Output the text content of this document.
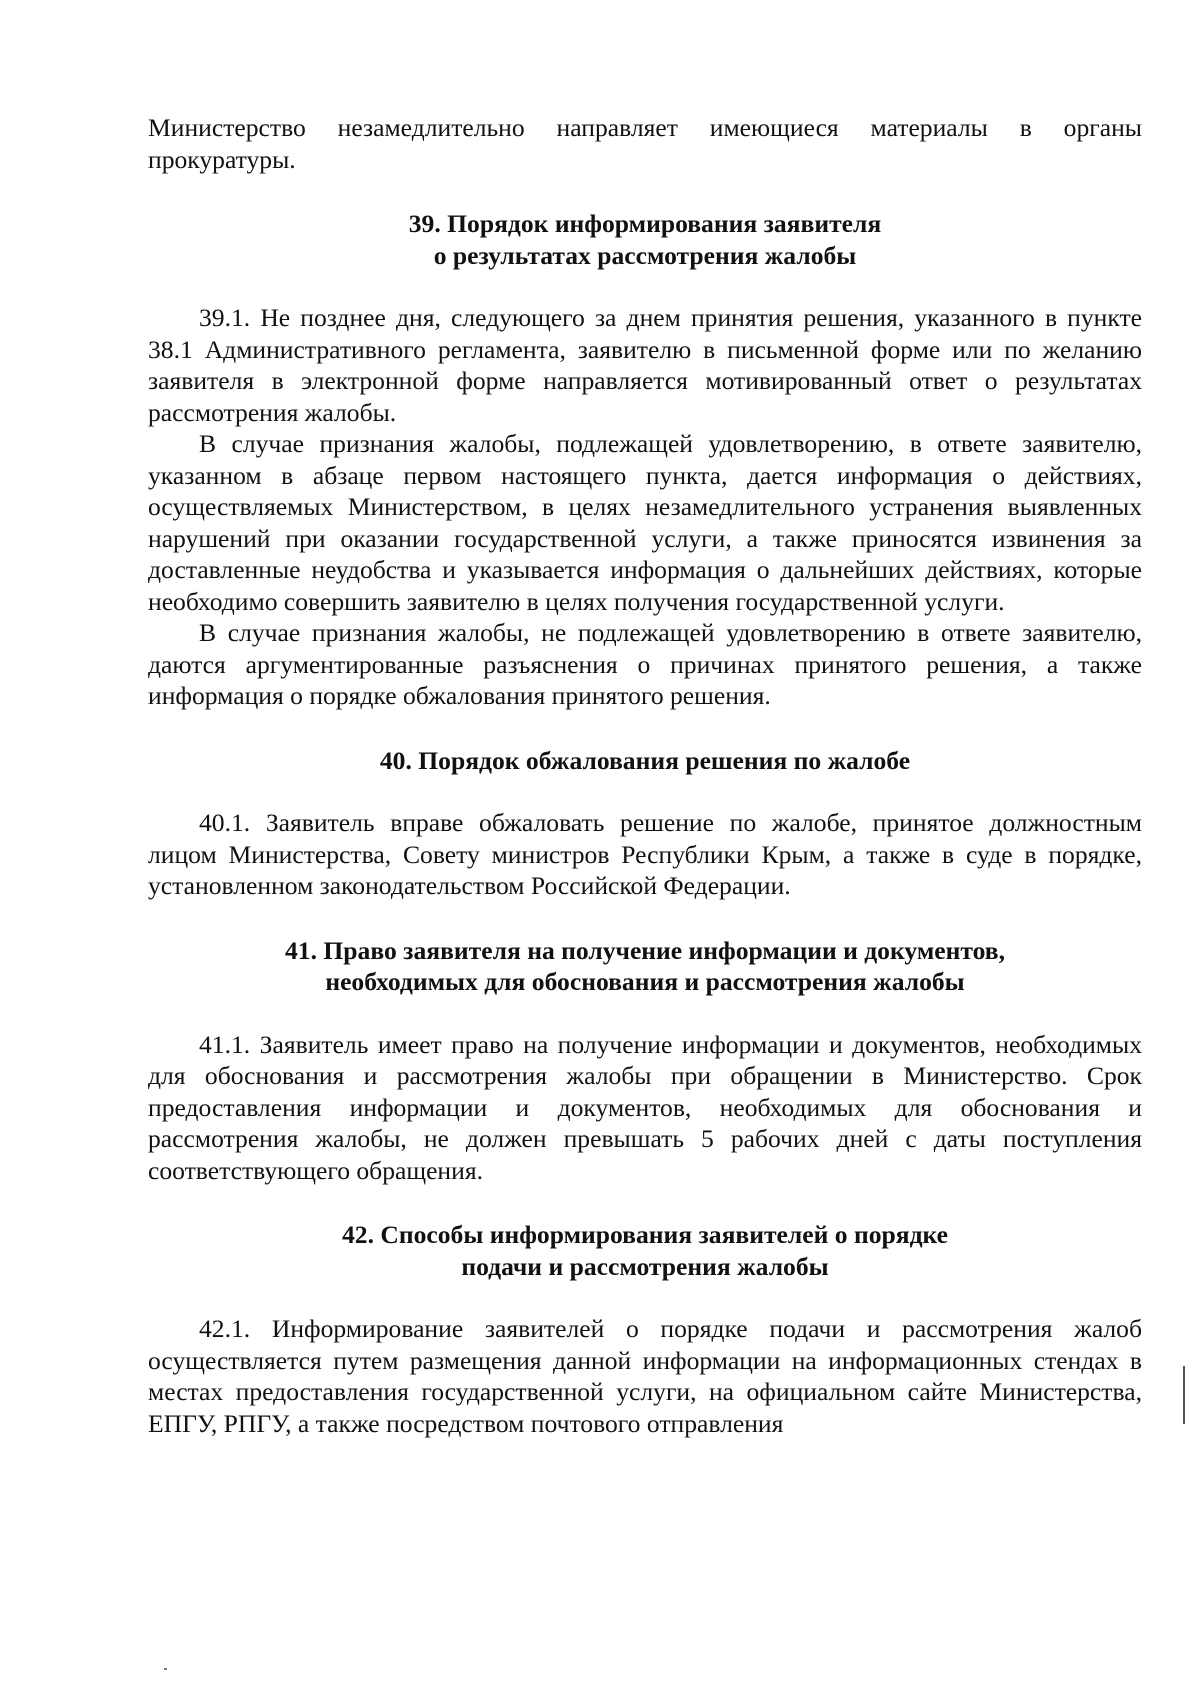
Министерство незамедлительно направляет имеющиеся материалы в органы прокуратуры.

39. Порядок информирования заявителя
о результатах рассмотрения жалобы

39.1. Не позднее дня, следующего за днем принятия решения, указанного в пункте 38.1 Административного регламента, заявителю в письменной форме или по желанию заявителя в электронной форме направляется мотивированный ответ о результатах рассмотрения жалобы.

В случае признания жалобы, подлежащей удовлетворению, в ответе заявителю, указанном в абзаце первом настоящего пункта, дается информация о действиях, осуществляемых Министерством, в целях незамедлительного устранения выявленных нарушений при оказании государственной услуги, а также приносятся извинения за доставленные неудобства и указывается информация о дальнейших действиях, которые необходимо совершить заявителю в целях получения государственной услуги.

В случае признания жалобы, не подлежащей удовлетворению в ответе заявителю, даются аргументированные разъяснения о причинах принятого решения, а также информация о порядке обжалования принятого решения.

40. Порядок обжалования решения по жалобе

40.1. Заявитель вправе обжаловать решение по жалобе, принятое должностным лицом Министерства, Совету министров Республики Крым, а также в суде в порядке, установленном законодательством Российской Федерации.

41. Право заявителя на получение информации и документов,
необходимых для обоснования и рассмотрения жалобы

41.1. Заявитель имеет право на получение информации и документов, необходимых для обоснования и рассмотрения жалобы при обращении в Министерство. Срок предоставления информации и документов, необходимых для обоснования и рассмотрения жалобы, не должен превышать 5 рабочих дней с даты поступления соответствующего обращения.

42. Способы информирования заявителей о порядке
подачи и рассмотрения жалобы

42.1. Информирование заявителей о порядке подачи и рассмотрения жалоб осуществляется путем размещения данной информации на информационных стендах в местах предоставления государственной услуги, на официальном сайте Министерства, ЕПГУ, РПГУ, а также посредством почтового отправления
